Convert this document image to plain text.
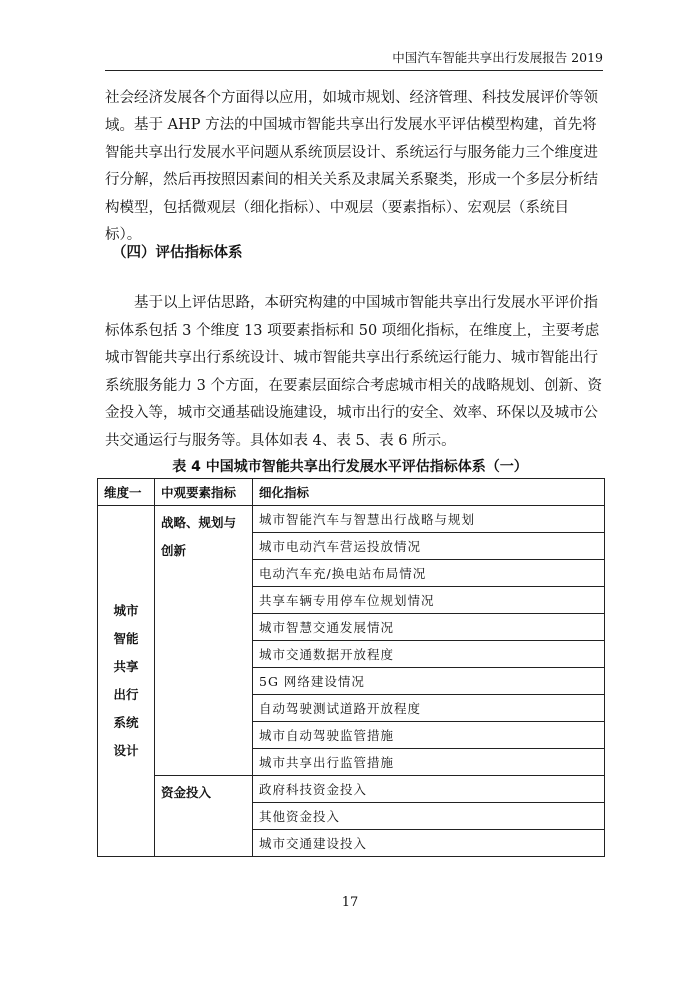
中国汽车智能共享出行发展报告 2019

社会经济发展各个方面得以应用，如城市规划、经济管理、科技发展评价等领域。 基于 AHP 方法的中国城市智能共享出行发展水平评估模型构建，首先将智能共享出行发展水平问题从系统顶层设计、系统运行与服务能力三个维度进行分解，然后再按照因素间的相关关系及隶属关系聚类，形成一个多层分析结构模型，包括微观层（细化指标）、中观层（要素指标）、宏观层（系统目标）。

（四）评估指标体系

基于以上评估思路，本研究构建的中国城市智能共享出行发展水平评价指标体系包括 3 个维度 13 项要素指标和 50 项细化指标，在维度上，主要考虑城市智能共享出行系统设计、城市智能共享出行系统运行能力、城市智能出行系统服务能力 3 个方面，在要素层面综合考虑城市相关的战略规划、创新、资金投入等，城市交通基础设施建设，城市出行的安全、效率、环保以及城市公共交通运行与服务等。具体如表 4、表 5、表 6 所示。

表 4 中国城市智能共享出行发展水平评估指标体系（一）

维度一	中观要素指标	细化指标
城市智能共享出行系统设计	战略、规划与创新	城市智能汽车与智慧出行战略与规划
		城市电动汽车营运投放情况
		电动汽车充/换电站布局情况
		共享车辆专用停车位规划情况
		城市智慧交通发展情况
		城市交通数据开放程度
		5G 网络建设情况
		自动驾驶测试道路开放程度
		城市自动驾驶监管措施
		城市共享出行监管措施
	资金投入	政府科技资金投入
		其他资金投入
		城市交通建设投入
17
